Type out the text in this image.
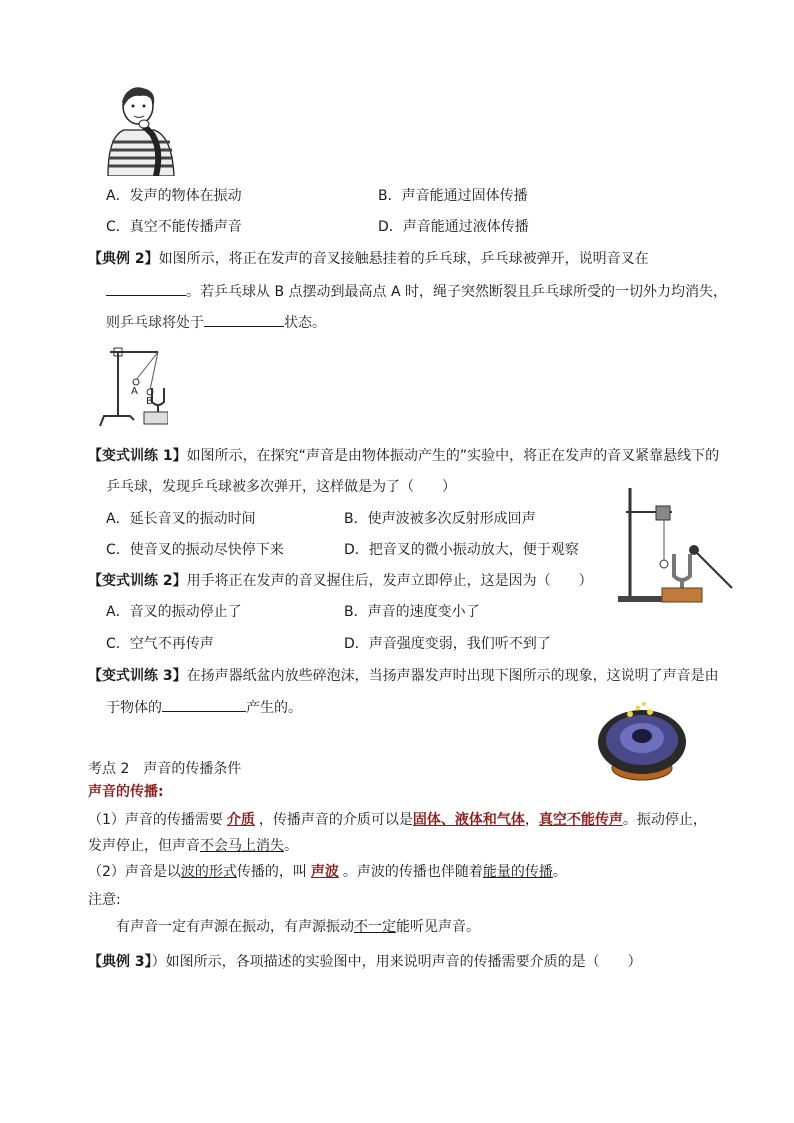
A．发声的物体在振动	B．声音能通过固体传播
C．真空不能传播声音	D．声音能通过液体传播
【典例 2】如图所示，将正在发声的音叉接触悬挂着的乒乓球，乒乓球被弹开，说明音叉在
。若乒乓球从 B 点摆动到最高点 A 时，绳子突然断裂且乒乓球所受的一切外力均消失，
则乒乓球将处于	状态。
A
B
【变式训练 1】如图所示，在探究“声音是由物体振动产生的”实验中，将正在发声的音叉紧靠悬线下的
乒乓球，发现乒乓球被多次弹开，这样做是为了（　　）
A．延长音叉的振动时间	B．使声波被多次反射形成回声
C．使音叉的振动尽快停下来	D．把音叉的微小振动放大，便于观察
【变式训练 2】用手将正在发声的音叉握住后，发声立即停止，这是因为（　　）
A．音叉的振动停止了	B．声音的速度变小了
C．空气不再传声	D．声音强度变弱，我们听不到了
【变式训练 3】在扬声器纸盆内放些碎泡沫，当扬声器发声时出现下图所示的现象，这说明了声音是由
于物体的	产生的。
考点 2　声音的传播条件
声音的传播:
（1）声音的传播需要 介质 ，传播声音的介质可以是固体、液体和气体，真空不能传声。振动停止，
发声停止，但声音不会马上消失。
（2）声音是以波的形式传播的，叫 声波 。声波的传播也伴随着能量的传播。
注意:
有声音一定有声源在振动，有声源振动不一定能听见声音。
【典例 3】）如图所示，各项描述的实验图中，用来说明声音的传播需要介质的是（　　）
